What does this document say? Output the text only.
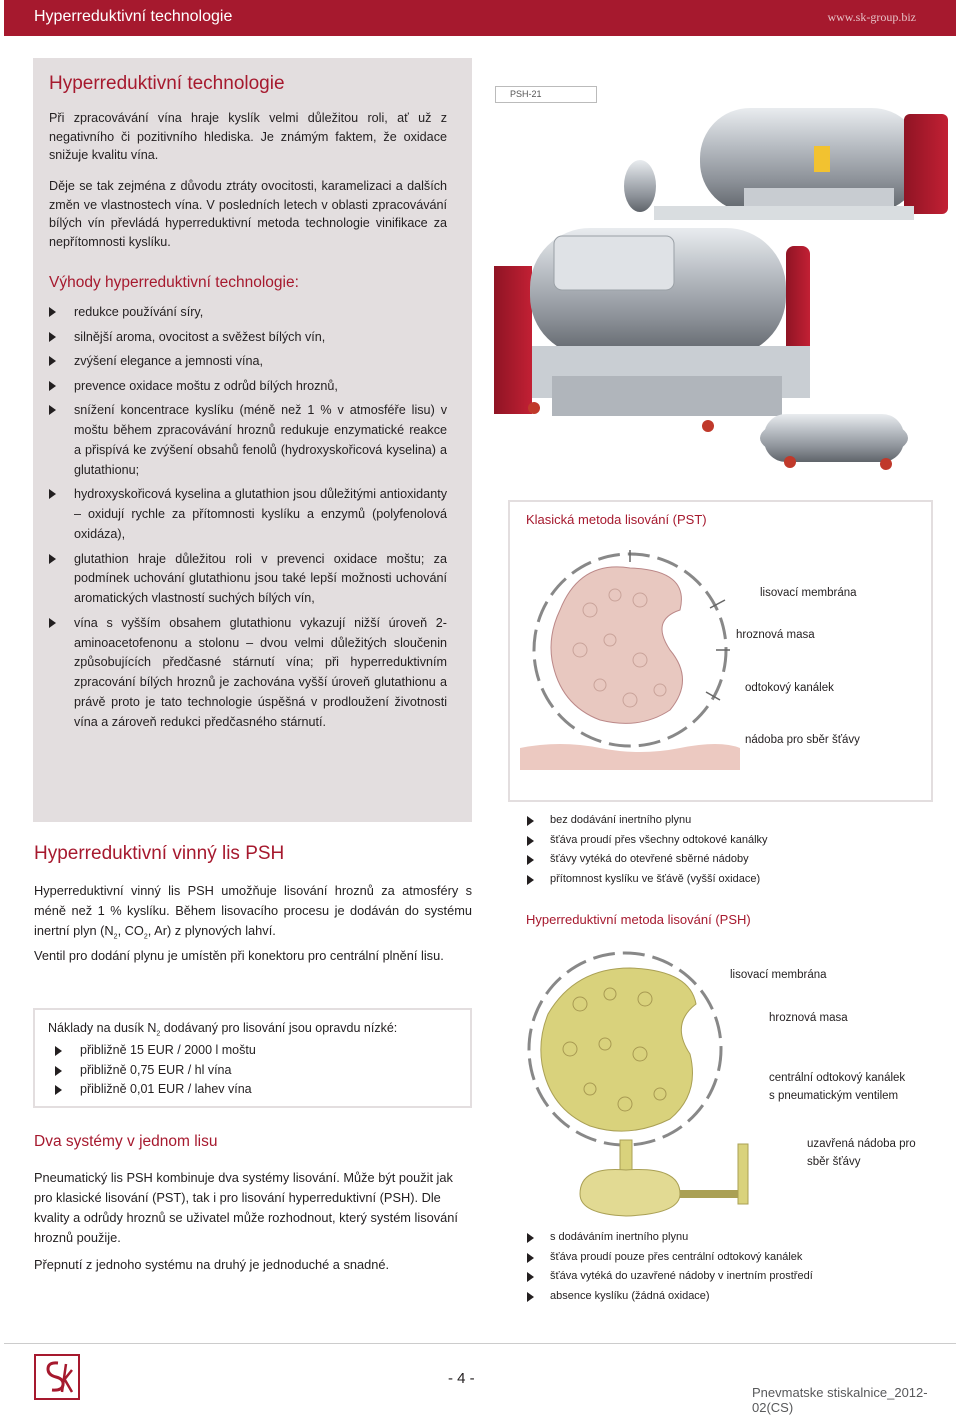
Hyperreduktivní technologie	www.sk-group.biz
Hyperreduktivní technologie
Při zpracovávání vína hraje kyslík velmi důležitou roli, ať už z negativního či pozitivního hlediska. Je známým faktem, že oxidace snižuje kvalitu vína.
Děje se tak zejména z důvodu ztráty ovocitosti, karamelizaci a dalších změn ve vlastnostech vína. V posledních letech v oblasti zpracovávání bílých vín převládá hyperreduktivní metoda technologie vinifikace za nepřítomnosti kyslíku.
Výhody hyperreduktivní technologie:
redukce používání síry,
silnější aroma, ovocitost a svěžest bílých vín,
zvýšení elegance a jemnosti vína,
prevence oxidace moštu z odrůd bílých hroznů,
snížení koncentrace kyslíku (méně než 1 % v atmosféře lisu) v moštu během zpracovávání hroznů redukuje enzymatické reakce a přispívá ke zvýšení obsahů fenolů (hydroxyskořicová kyselina) a glutathionu;
hydroxyskořicová kyselina a glutathion jsou důležitými antioxidanty – oxidují rychle za přítomnosti kyslíku a enzymů (polyfenolová oxidáza),
glutathion hraje důležitou roli v prevenci oxidace moštu; za podmínek uchování glutathionu jsou také lepší možnosti uchování aromatických vlastností suchých bílých vín,
vína s vyšším obsahem glutathionu vykazují nižší úroveň 2-aminoacetofenonu a stolonu – dvou velmi důležitých sloučenin způsobujících předčasné stárnutí vína; při hyperreduktivním zpracování bílých hroznů je zachována vyšší úroveň glutathionu a právě proto je tato technologie úspěšná v prodloužení životnosti vína a zároveň redukci předčasného stárnutí.
PSH-21
Klasická metoda lisování (PST)
lisovací membrána
hroznová masa
odtokový kanálek
nádoba pro sběr šťávy
bez dodávání inertního plynu
šťáva proudí přes všechny odtokové kanálky
šťávy vytéká do otevřené sběrné nádoby
přítomnost kyslíku ve šťávě (vyšší oxidace)
Hyperreduktivní metoda lisování (PSH)
lisovací membrána
hroznová masa
centrální odtokový kanálek
s pneumatickým ventilem
uzavřená nádoba pro
sběr šťávy
s dodáváním inertního plynu
šťáva proudí pouze přes centrální odtokový kanálek
šťáva vytéká do uzavřené nádoby v inertním prostředí
absence kyslíku (žádná oxidace)
Hyperreduktivní vinný lis PSH
Hyperreduktivní vinný lis PSH umožňuje lisování hroznů za atmosféry s méně než 1 % kyslíku. Během lisovacího procesu je dodáván do systému inertní plyn ($N_2$, $CO_2$, Ar) z plynových lahví.
Ventil pro dodání plynu je umístěn při konektoru pro centrální plnění lisu.
Náklady na dusík $N_2$ dodávaný pro lisování jsou opravdu nízké:
přibližně 15 EUR / 2000 l moštu
přibližně 0,75 EUR / hl vína
přibližně 0,01 EUR / lahev vína
Dva systémy v jednom lisu
Pneumatický lis PSH kombinuje dva systémy lisování. Může být použit jak pro klasické lisování (PST), tak i pro lisování hyperreduktivní (PSH). Dle kvality a odrůdy hroznů se uživatel může rozhodnout, který systém lisování hroznů použije.
Přepnutí z jednoho systému na druhý je jednoduché a snadné.
- 4 -
Pnevmatske stiskalnice_2012-02(CS)
